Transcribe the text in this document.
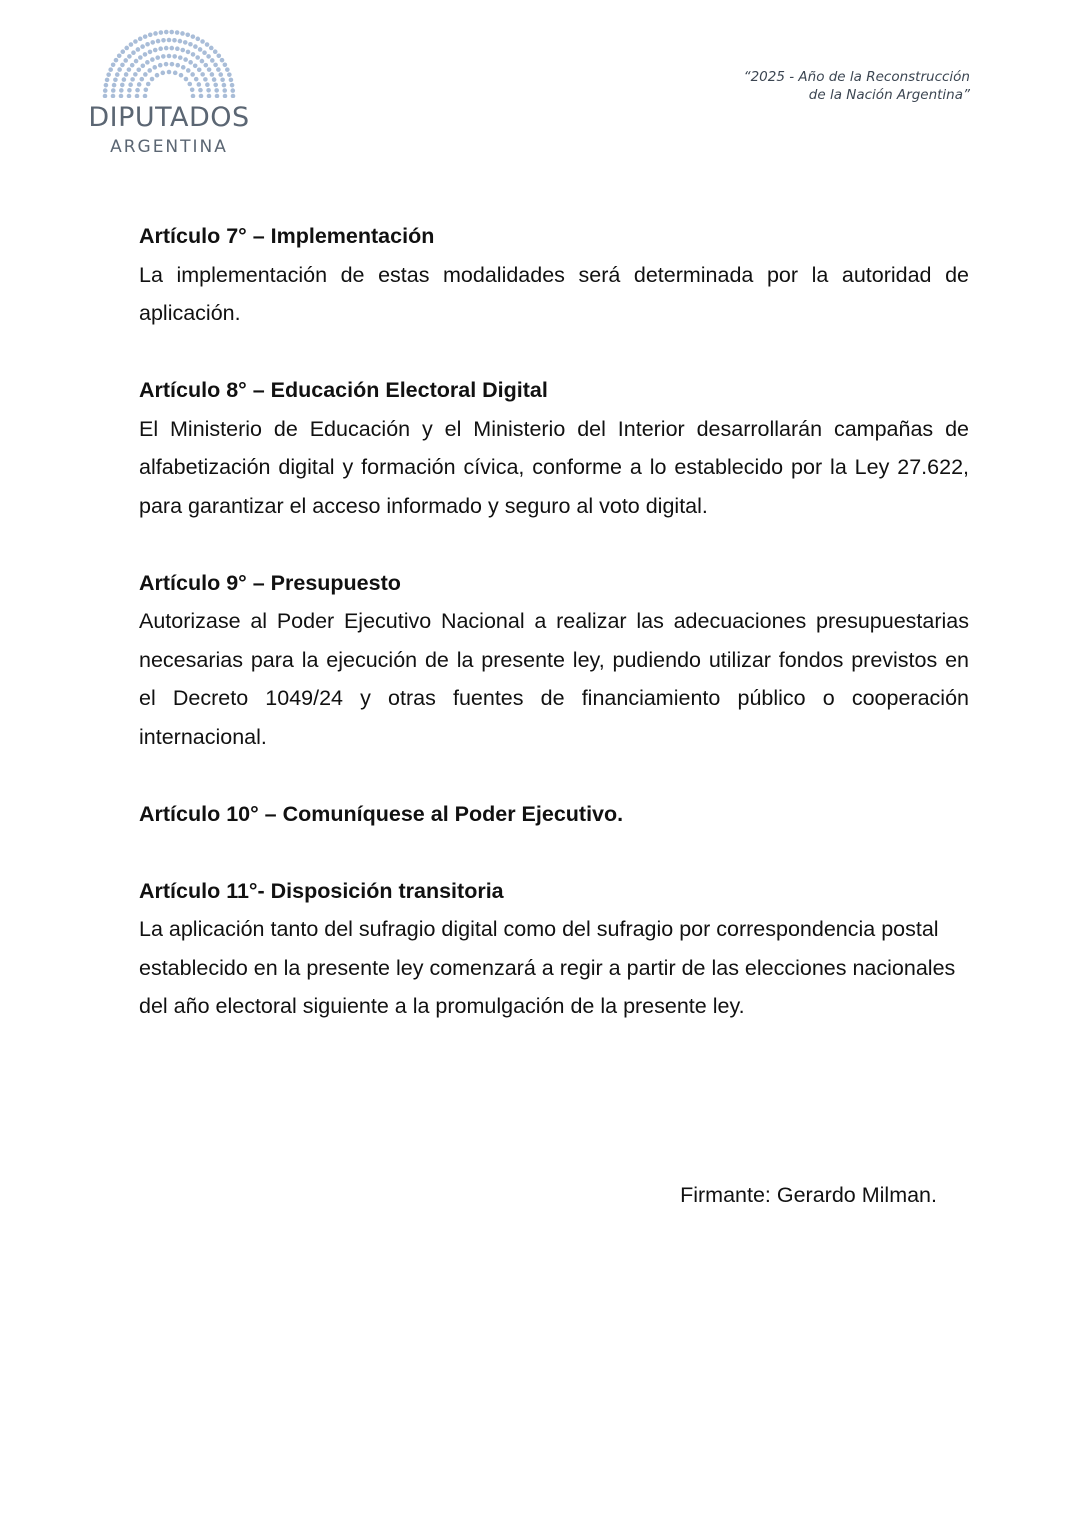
DIPUTADOS
ARGENTINA
“2025 - Año de la Reconstrucción
de la Nación Argentina”

Artículo 7° – Implementación

La implementación de estas modalidades será determinada por la autoridad de aplicación.

Artículo 8° – Educación Electoral Digital

El Ministerio de Educación y el Ministerio del Interior desarrollarán campañas de alfabetización digital y formación cívica, conforme a lo establecido por la Ley 27.622, para garantizar el acceso informado y seguro al voto digital.

Artículo 9° – Presupuesto

Autorizase al Poder Ejecutivo Nacional a realizar las adecuaciones presupuestarias necesarias para la ejecución de la presente ley, pudiendo utilizar fondos previstos en el Decreto 1049/24 y otras fuentes de financiamiento público o cooperación internacional.

Artículo 10° – Comuníquese al Poder Ejecutivo.

Artículo 11°- Disposición transitoria

La aplicación tanto del sufragio digital como del sufragio por correspondencia postal establecido en la presente ley comenzará a regir a partir de las elecciones nacionales del año electoral siguiente a la promulgación de la presente ley.

Firmante: Gerardo Milman.
